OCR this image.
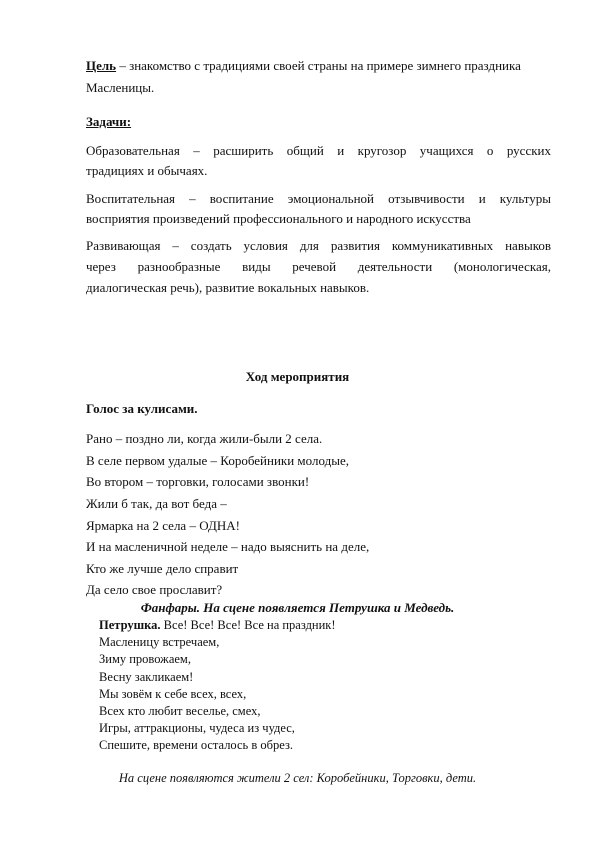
Цель – знакомство с традициями своей страны на примере зимнего праздника
Масленицы.
Задачи:
Образовательная – расширить общий и кругозор учащихся о русских
традициях и обычаях.
Воспитательная – воспитание эмоциональной отзывчивости и культуры
восприятия произведений профессионального и народного искусства
Развивающая – создать условия для развития коммуникативных навыков
через разнообразные виды речевой деятельности (монологическая,
диалогическая речь), развитие вокальных навыков.
Ход мероприятия
Голос за кулисами.
Рано – поздно ли, когда жили-были 2 села.
В селе первом удалые – Коробейники молодые,
Во втором – торговки, голосами звонки!
Жили б так, да вот беда –
Ярмарка на 2 села – ОДНА!
И на масленичной неделе – надо выяснить на деле,
Кто же лучше дело справит
Да село свое прославит?
Фанфары. На сцене появляется Петрушка и Медведь.
Петрушка. Все! Все! Все! Все на праздник!
Масленицу встречаем,
Зиму провожаем,
Весну закликаем!
Мы зовём к себе всех, всех,
Всех кто любит веселье, смех,
Игры, аттракционы, чудеса из чудес,
Спешите, времени осталось в обрез.
На сцене появляются жители 2 сел: Коробейники, Торговки, дети.
